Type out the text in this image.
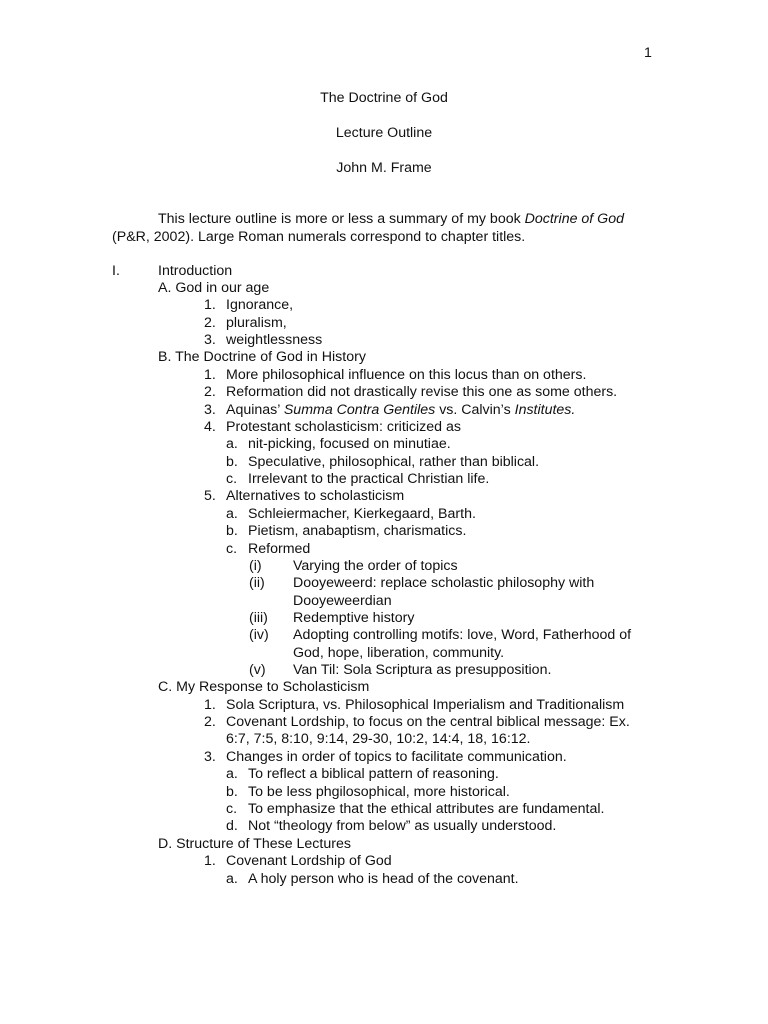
1
The Doctrine of God
Lecture Outline
John M. Frame
This lecture outline is more or less a summary of my book Doctrine of God
(P&R, 2002). Large Roman numerals correspond to chapter titles.
I.	Introduction
A. God in our age
1. Ignorance,
2. pluralism,
3. weightlessness
B. The Doctrine of God in History
1. More philosophical influence on this locus than on others.
2. Reformation did not drastically revise this one as some others.
3. Aquinas’ Summa Contra Gentiles vs. Calvin’s Institutes.
4. Protestant scholasticism: criticized as
a. nit-picking, focused on minutiae.
b. Speculative, philosophical, rather than biblical.
c. Irrelevant to the practical Christian life.
5. Alternatives to scholasticism
a. Schleiermacher, Kierkegaard, Barth.
b. Pietism, anabaptism, charismatics.
c. Reformed
(i) Varying the order of topics
(ii) Dooyeweerd: replace scholastic philosophy with
Dooyeweerdian
(iii) Redemptive history
(iv) Adopting controlling motifs: love, Word, Fatherhood of
God, hope, liberation, community.
(v) Van Til: Sola Scriptura as presupposition.
C. My Response to Scholasticism
1. Sola Scriptura, vs. Philosophical Imperialism and Traditionalism
2. Covenant Lordship, to focus on the central biblical message: Ex.
6:7, 7:5, 8:10, 9:14, 29-30, 10:2, 14:4, 18, 16:12.
3. Changes in order of topics to facilitate communication.
a. To reflect a biblical pattern of reasoning.
b. To be less phgilosophical, more historical.
c. To emphasize that the ethical attributes are fundamental.
d. Not “theology from below” as usually understood.
D. Structure of These Lectures
1. Covenant Lordship of God
a. A holy person who is head of the covenant.
